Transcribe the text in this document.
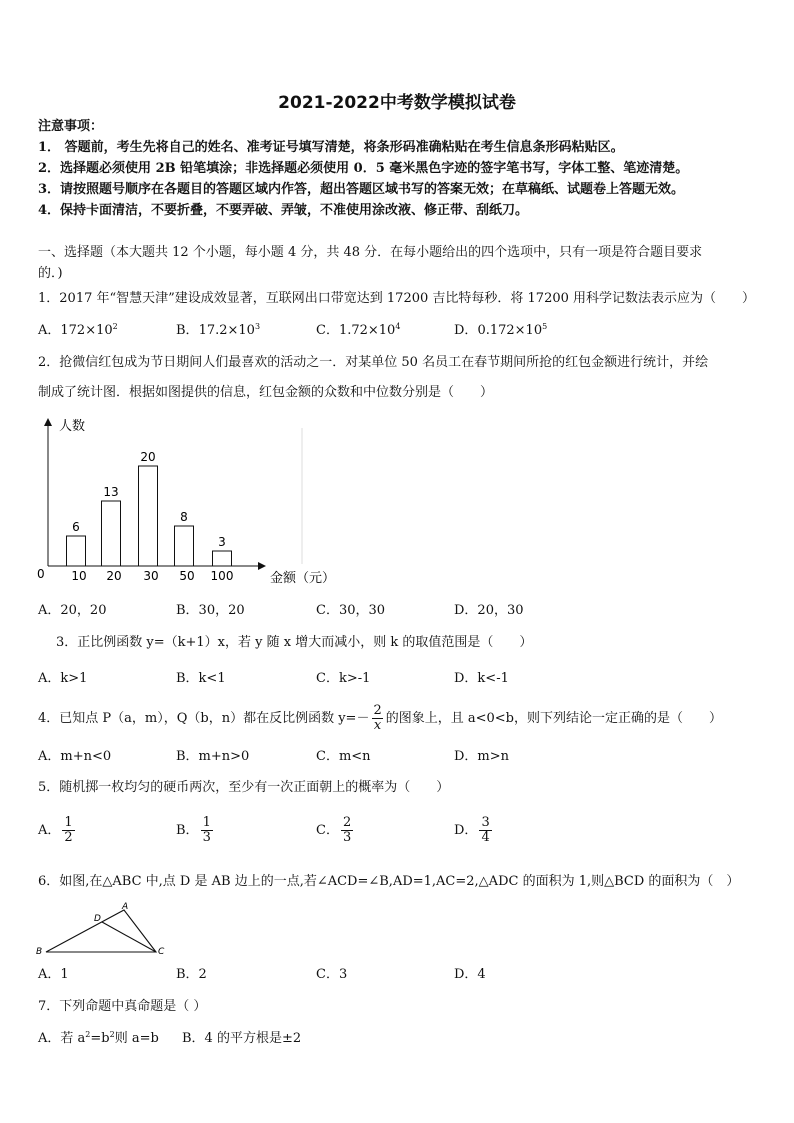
2021-2022中考数学模拟试卷
注意事项：
1． 答题前，考生先将自己的姓名、准考证号填写清楚，将条形码准确粘贴在考生信息条形码粘贴区。
2．选择题必须使用 2B 铅笔填涂；非选择题必须使用 0．5 毫米黑色字迹的签字笔书写，字体工整、笔迹清楚。
3．请按照题号顺序在各题目的答题区域内作答，超出答题区域书写的答案无效；在草稿纸、试题卷上答题无效。
4．保持卡面清洁，不要折叠，不要弄破、弄皱，不准使用涂改液、修正带、刮纸刀。
一、选择题（本大题共 12 个小题，每小题 4 分，共 48 分．在每小题给出的四个选项中，只有一项是符合题目要求
的．)
1．2017 年“智慧天津”建设成效显著，互联网出口带宽达到 17200 吉比特每秒．将 17200 用科学记数法表示应为（　　）
A．$172\times 10^2$	B．$17.2\times 10^3$	C．$1.72\times 10^4$	D．$0.172\times 10^5$
2．抢微信红包成为节日期间人们最喜欢的活动之一．对某单位 50 名员工在春节期间所抢的红包金额进行统计，并绘
制成了统计图．根据如图提供的信息，红包金额的众数和中位数分别是（　　）
6
10
13
20
20
30
8
50
3
100
人数
金额（元）
0
A．20，20	B．30，20	C．30，30	D．20，30
3．正比例函数 y=（k+1）x，若 y 随 x 增大而减小，则 k 的取值范围是（　　）
A．k>1	B．k<1	C．k>-1	D．k<-1
4．已知点 P（a，m），Q（b，n）都在反比例函数 $y=- \frac{2}{x}$ 的图象上，且 a<0<b，则下列结论一定正确的是（　　）
A．m+n<0	B．m+n>0	C．m<n	D．m>n
5．随机掷一枚均匀的硬币两次，至少有一次正面朝上的概率为（　　）
A． $\frac{1}{2}$	B． $\frac{1}{3}$	C． $\frac{2}{3}$	D． $\frac{3}{4}$
6．如图,在△ABC 中,点 D 是 AB 边上的一点,若∠ACD=∠B,AD=1,AC=2,△ADC 的面积为 1,则△BCD 的面积为（　）
A
B	C
D
A．1	B．2	C．3	D．4
7．下列命题中真命题是（ ）
A．若 $a^2=b^2$则 a=b B．4 的平方根是±2
